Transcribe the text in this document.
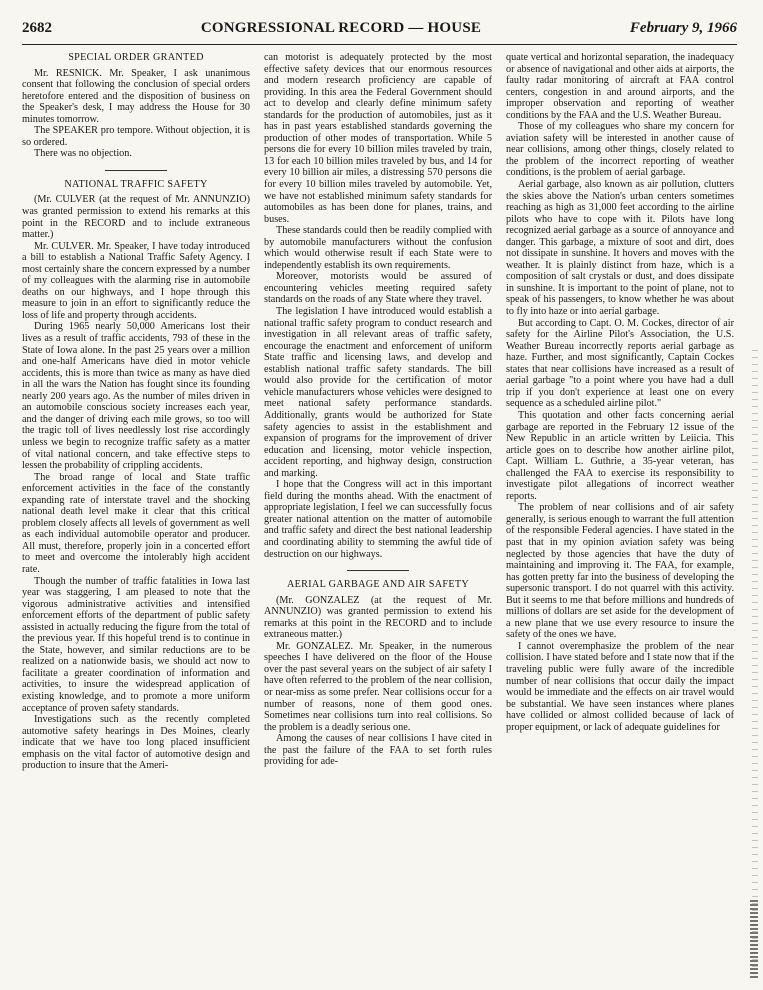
2682	CONGRESSIONAL RECORD — HOUSE	February 9, 1966
SPECIAL ORDER GRANTED

Mr. RESNICK. Mr. Speaker, I ask unanimous consent that following the conclusion of special orders heretofore entered and the disposition of business on the Speaker's desk, I may address the House for 30 minutes tomorrow.

The SPEAKER pro tempore. Without objection, it is so ordered.

There was no objection.

NATIONAL TRAFFIC SAFETY

(Mr. CULVER (at the request of Mr. ANNUNZIO) was granted permission to extend his remarks at this point in the RECORD and to include extraneous matter.)

Mr. CULVER. Mr. Speaker, I have today introduced a bill to establish a National Traffic Safety Agency. I most certainly share the concern expressed by a number of my colleagues with the alarming rise in automobile deaths on our highways, and I hope through this measure to join in an effort to significantly reduce the loss of life and property through accidents.

During 1965 nearly 50,000 Americans lost their lives as a result of traffic accidents, 793 of these in the State of Iowa alone. In the past 25 years over a million and one-half Americans have died in motor vehicle accidents, this is more than twice as many as have died in all the wars the Nation has fought since its founding nearly 200 years ago. As the number of miles driven in an automobile conscious society increases each year, and the danger of driving each mile grows, so too will the tragic toll of lives needlessly lost rise accordingly unless we begin to recognize traffic safety as a matter of vital national concern, and take effective steps to lessen the probability of crippling accidents.

The broad range of local and State traffic enforcement activities in the face of the constantly expanding rate of interstate travel and the shocking national death level make it clear that this critical problem closely affects all levels of government as well as each individual automobile operator and producer. All must, therefore, properly join in a concerted effort to meet and overcome the intolerably high accident rate.

Though the number of traffic fatalities in Iowa last year was staggering, I am pleased to note that the vigorous administrative activities and intensified enforcement efforts of the department of public safety assisted in actually reducing the figure from the total of the previous year. If this hopeful trend is to continue in the State, however, and similar reductions are to be realized on a nationwide basis, we should act now to facilitate a greater coordination of information and activities, to insure the widespread application of existing knowledge, and to promote a more uniform acceptance of proven safety standards.

Investigations such as the recently completed automotive safety hearings in Des Moines, clearly indicate that we have too long placed insufficient emphasis on the vital factor of automotive design and production to insure that the Ameri-

can motorist is adequately protected by the most effective safety devices that our enormous resources and modern research proficiency are capable of providing. In this area the Federal Government should act to develop and clearly define minimum safety standards for the production of automobiles, just as it has in past years established standards governing the production of other modes of transportation. While 5 persons die for every 10 billion miles traveled by train, 13 for each 10 billion miles traveled by bus, and 14 for every 10 billion air miles, a distressing 570 persons die for every 10 billion miles traveled by automobile. Yet, we have not established minimum safety standards for automobiles as has been done for planes, trains, and buses.

These standards could then be readily complied with by automobile manufacturers without the confusion which would otherwise result if each State were to independently establish its own requirements.

Moreover, motorists would be assured of encountering vehicles meeting required safety standards on the roads of any State where they travel.

The legislation I have introduced would establish a national traffic safety program to conduct research and investigation in all relevant areas of traffic safety, encourage the enactment and enforcement of uniform State traffic and licensing laws, and develop and establish national traffic safety standards. The bill would also provide for the certification of motor vehicle manufacturers whose vehicles were designed to meet national safety performance standards. Additionally, grants would be authorized for State safety agencies to assist in the establishment and expansion of programs for the improvement of driver education and licensing, motor vehicle inspection, accident reporting, and highway design, construction and marking.

I hope that the Congress will act in this important field during the months ahead. With the enactment of appropriate legislation, I feel we can successfully focus greater national attention on the matter of automobile and traffic safety and direct the best national leadership and coordinating ability to stemming the awful tide of destruction on our highways.

AERIAL GARBAGE AND AIR SAFETY

(Mr. GONZALEZ (at the request of Mr. ANNUNZIO) was granted permission to extend his remarks at this point in the RECORD and to include extraneous matter.)

Mr. GONZALEZ. Mr. Speaker, in the numerous speeches I have delivered on the floor of the House over the past several years on the subject of air safety I have often referred to the problem of the near collision, or near-miss as some prefer. Near collisions occur for a number of reasons, none of them good ones. Sometimes near collisions turn into real collisions. So the problem is a deadly serious one.

Among the causes of near collisions I have cited in the past the failure of the FAA to set forth rules providing for ade-

quate vertical and horizontal separation, the inadequacy or absence of navigational and other aids at airports, the faulty radar monitoring of aircraft at FAA control centers, congestion in and around airports, and the improper observation and reporting of weather conditions by the FAA and the U.S. Weather Bureau.

Those of my colleagues who share my concern for aviation safety will be interested in another cause of near collisions, among other things, closely related to the problem of the incorrect reporting of weather conditions, is the problem of aerial garbage.

Aerial garbage, also known as air pollution, clutters the skies above the Nation's urban centers sometimes reaching as high as 31,000 feet according to the airline pilots who have to cope with it. Pilots have long recognized aerial garbage as a source of annoyance and danger. This garbage, a mixture of soot and dirt, does not dissipate in sunshine. It hovers and moves with the weather. It is plainly distinct from haze, which is a composition of salt crystals or dust, and does dissipate in sunshine. It is important to the point of plane, not to speak of his passengers, to know whether he was about to fly into haze or into aerial garbage.

But according to Capt. O. M. Cockes, director of air safety for the Airline Pilot's Association, the U.S. Weather Bureau incorrectly reports aerial garbage as haze. Further, and most significantly, Captain Cockes states that near collisions have increased as a result of aerial garbage "to a point where you have had a dull trip if you don't experience at least one on every sequence as a scheduled airline pilot."

This quotation and other facts concerning aerial garbage are reported in the February 12 issue of the New Republic in an article written by Leiicia. This article goes on to describe how another airline pilot, Capt. William L. Guthrie, a 35-year veteran, has challenged the FAA to exercise its responsibility to investigate pilot allegations of incorrect weather reports.

The problem of near collisions and of air safety generally, is serious enough to warrant the full attention of the responsible Federal agencies. I have stated in the past that in my opinion aviation safety was being neglected by those agencies that have the duty of maintaining and improving it. The FAA, for example, has gotten pretty far into the business of developing the supersonic transport. I do not quarrel with this activity. But it seems to me that before millions and hundreds of millions of dollars are set aside for the development of a new plane that we use every resource to insure the safety of the ones we have.

I cannot overemphasize the problem of the near collision. I have stated before and I state now that if the traveling public were fully aware of the incredible number of near collisions that occur daily the impact would be immediate and the effects on air travel would be substantial. We have seen instances where planes have collided or almost collided because of lack of proper equipment, or lack of adequate guidelines for
